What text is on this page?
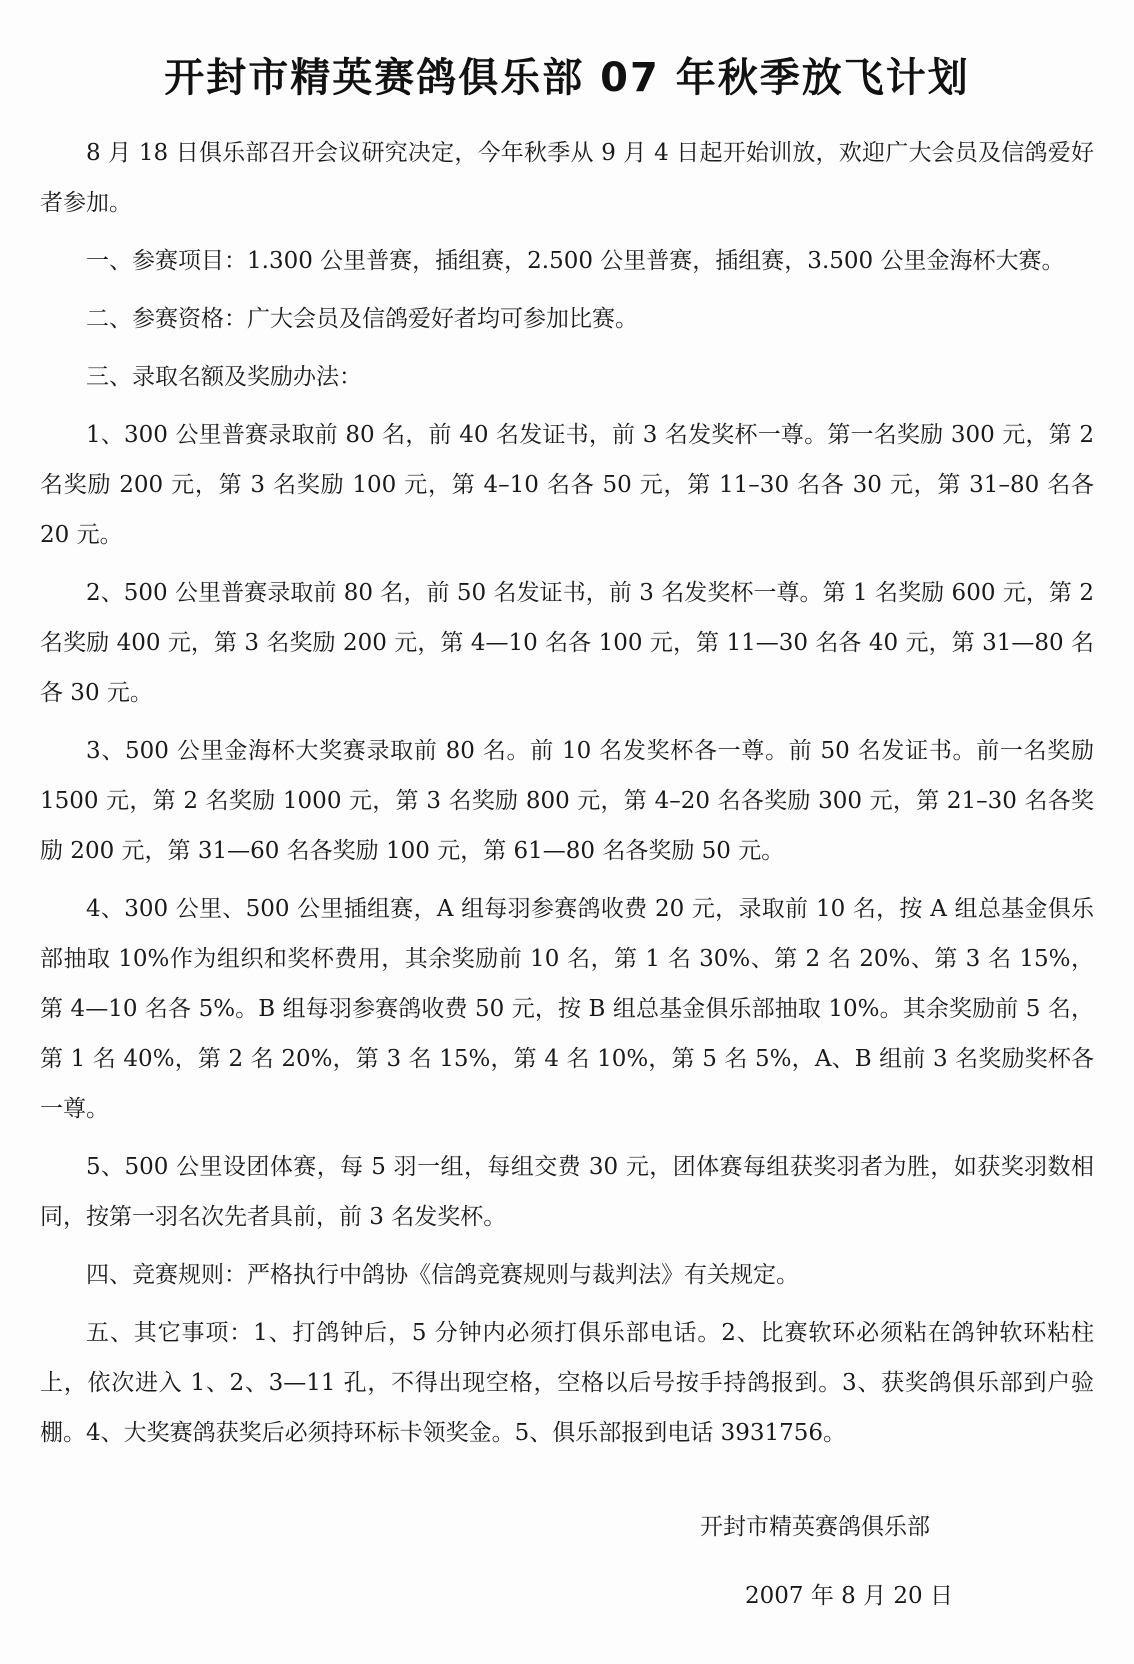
开封市精英赛鸽俱乐部 07 年秋季放飞计划

8 月 18 日俱乐部召开会议研究决定，今年秋季从 9 月 4 日起开始训放，欢迎广大会员及信鸽爱好者参加。

一、参赛项目：1.300 公里普赛，插组赛，2.500 公里普赛，插组赛，3.500 公里金海杯大赛。

二、参赛资格：广大会员及信鸽爱好者均可参加比赛。

三、录取名额及奖励办法：

1、300 公里普赛录取前 80 名，前 40 名发证书，前 3 名发奖杯一尊。第一名奖励 300 元，第 2 名奖励 200 元，第 3 名奖励 100 元，第 4–10 名各 50 元，第 11–30 名各 30 元，第 31–80 名各 20 元。

2、500 公里普赛录取前 80 名，前 50 名发证书，前 3 名发奖杯一尊。第 1 名奖励 600 元，第 2 名奖励 400 元，第 3 名奖励 200 元，第 4—10 名各 100 元，第 11—30 名各 40 元，第 31—80 名各 30 元。

3、500 公里金海杯大奖赛录取前 80 名。前 10 名发奖杯各一尊。前 50 名发证书。前一名奖励 1500 元，第 2 名奖励 1000 元，第 3 名奖励 800 元，第 4–20 名各奖励 300 元，第 21–30 名各奖励 200 元，第 31—60 名各奖励 100 元，第 61—80 名各奖励 50 元。

4、300 公里、500 公里插组赛，A 组每羽参赛鸽收费 20 元，录取前 10 名，按 A 组总基金俱乐部抽取 10%作为组织和奖杯费用，其余奖励前 10 名，第 1 名 30%、第 2 名 20%、第 3 名 15%，第 4—10 名各 5%。B 组每羽参赛鸽收费 50 元，按 B 组总基金俱乐部抽取 10%。其余奖励前 5 名，第 1 名 40%，第 2 名 20%，第 3 名 15%，第 4 名 10%，第 5 名 5%，A、B 组前 3 名奖励奖杯各一尊。

5、500 公里设团体赛，每 5 羽一组，每组交费 30 元，团体赛每组获奖羽者为胜，如获奖羽数相同，按第一羽名次先者具前，前 3 名发奖杯。

四、竞赛规则：严格执行中鸽协《信鸽竞赛规则与裁判法》有关规定。

五、其它事项：1、打鸽钟后，5 分钟内必须打俱乐部电话。2、比赛软环必须粘在鸽钟软环粘柱上，依次进入 1、2、3—11 孔，不得出现空格，空格以后号按手持鸽报到。3、获奖鸽俱乐部到户验棚。4、大奖赛鸽获奖后必须持环标卡领奖金。5、俱乐部报到电话 3931756。

开封市精英赛鸽俱乐部
2007 年 8 月 20 日
